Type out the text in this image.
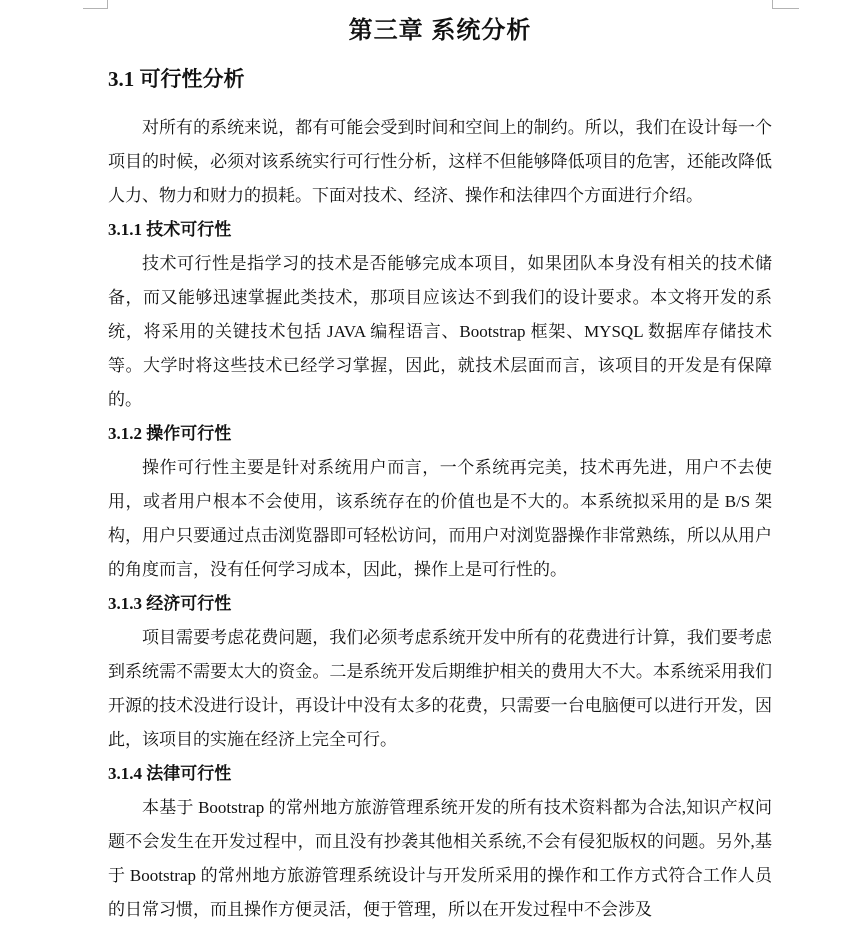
第三章 系统分析
3.1 可行性分析

对所有的系统来说，都有可能会受到时间和空间上的制约。所以，我们在设计每一个项目的时候，必须对该系统实行可行性分析，这样不但能够降低项目的危害，还能改降低人力、物力和财力的损耗。下面对技术、经济、操作和法律四个方面进行介绍。

3.1.1 技术可行性

技术可行性是指学习的技术是否能够完成本项目，如果团队本身没有相关的技术储备，而又能够迅速掌握此类技术，那项目应该达不到我们的设计要求。本文将开发的系统，将采用的关键技术包括 JAVA 编程语言、Bootstrap 框架、MYSQL 数据库存储技术等。大学时将这些技术已经学习掌握，因此，就技术层面而言，该项目的开发是有保障的。

3.1.2 操作可行性

操作可行性主要是针对系统用户而言，一个系统再完美，技术再先进，用户不去使用，或者用户根本不会使用，该系统存在的价值也是不大的。本系统拟采用的是 B/S 架构，用户只要通过点击浏览器即可轻松访问，而用户对浏览器操作非常熟练，所以从用户的角度而言，没有任何学习成本，因此，操作上是可行性的。

3.1.3 经济可行性

项目需要考虑花费问题，我们必须考虑系统开发中所有的花费进行计算，我们要考虑到系统需不需要太大的资金。二是系统开发后期维护相关的费用大不大。本系统采用我们开源的技术没进行设计，再设计中没有太多的花费，只需要一台电脑便可以进行开发，因此，该项目的实施在经济上完全可行。

3.1.4 法律可行性

本基于 Bootstrap 的常州地方旅游管理系统开发的所有技术资料都为合法,知识产权问题不会发生在开发过程中，而且没有抄袭其他相关系统,不会有侵犯版权的问题。另外,基于 Bootstrap 的常州地方旅游管理系统设计与开发所采用的操作和工作方式符合工作人员的日常习惯，而且操作方便灵活，便于管理，所以在开发过程中不会涉及
